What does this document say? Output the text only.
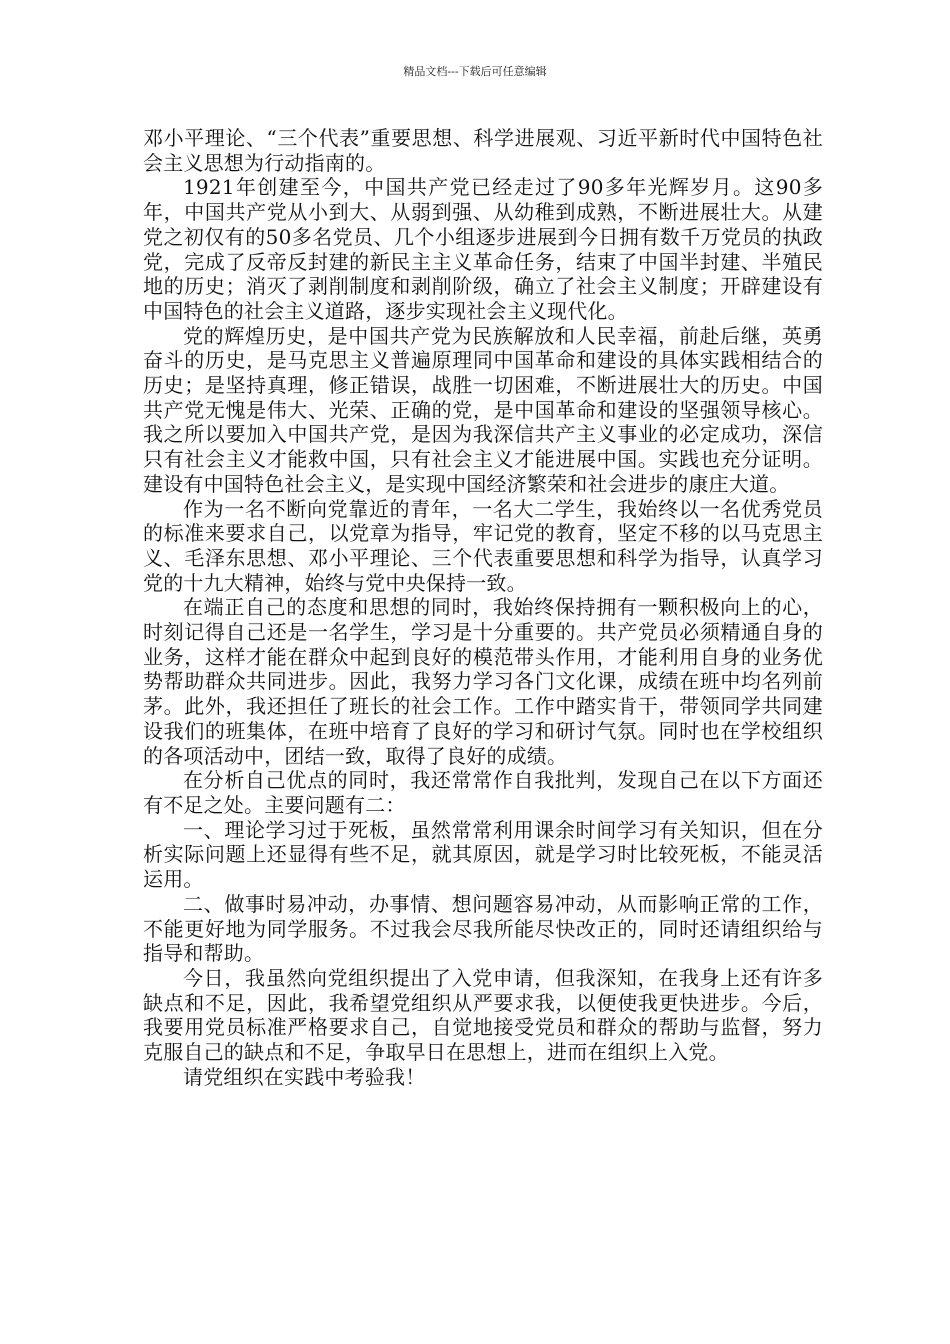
精品文档---下载后可任意编辑

邓小平理论、“三个代表”重要思想、科学进展观、习近平新时代中国特色社会主义思想为行动指南的。

1921年创建至今，中国共产党已经走过了90多年光辉岁月。这90多年，中国共产党从小到大、从弱到强、从幼稚到成熟，不断进展壮大。从建党之初仅有的50多名党员、几个小组逐步进展到今日拥有数千万党员的执政党，完成了反帝反封建的新民主主义革命任务，结束了中国半封建、半殖民地的历史；消灭了剥削制度和剥削阶级，确立了社会主义制度；开辟建设有中国特色的社会主义道路，逐步实现社会主义现代化。

党的辉煌历史，是中国共产党为民族解放和人民幸福，前赴后继，英勇奋斗的历史，是马克思主义普遍原理同中国革命和建设的具体实践相结合的历史；是坚持真理，修正错误，战胜一切困难，不断进展壮大的历史。中国共产党无愧是伟大、光荣、正确的党，是中国革命和建设的坚强领导核心。我之所以要加入中国共产党，是因为我深信共产主义事业的必定成功，深信只有社会主义才能救中国，只有社会主义才能进展中国。实践也充分证明。建设有中国特色社会主义，是实现中国经济繁荣和社会进步的康庄大道。

作为一名不断向党靠近的青年，一名大二学生，我始终以一名优秀党员的标准来要求自己，以党章为指导，牢记党的教育，坚定不移的以马克思主义、毛泽东思想、邓小平理论、三个代表重要思想和科学为指导，认真学习党的十九大精神，始终与党中央保持一致。

在端正自己的态度和思想的同时，我始终保持拥有一颗积极向上的心，时刻记得自己还是一名学生，学习是十分重要的。共产党员必须精通自身的业务，这样才能在群众中起到良好的模范带头作用，才能利用自身的业务优势帮助群众共同进步。因此，我努力学习各门文化课，成绩在班中均名列前茅。此外，我还担任了班长的社会工作。工作中踏实肯干，带领同学共同建设我们的班集体，在班中培育了良好的学习和研讨气氛。同时也在学校组织的各项活动中，团结一致，取得了良好的成绩。

在分析自己优点的同时，我还常常作自我批判，发现自己在以下方面还有不足之处。主要问题有二：

一、理论学习过于死板，虽然常常利用课余时间学习有关知识，但在分析实际问题上还显得有些不足，就其原因，就是学习时比较死板，不能灵活运用。

二、做事时易冲动，办事情、想问题容易冲动，从而影响正常的工作，不能更好地为同学服务。不过我会尽我所能尽快改正的，同时还请组织给与指导和帮助。

今日，我虽然向党组织提出了入党申请，但我深知，在我身上还有许多缺点和不足，因此，我希望党组织从严要求我，以便使我更快进步。今后，我要用党员标准严格要求自己，自觉地接受党员和群众的帮助与监督，努力克服自己的缺点和不足，争取早日在思想上，进而在组织上入党。

请党组织在实践中考验我！
